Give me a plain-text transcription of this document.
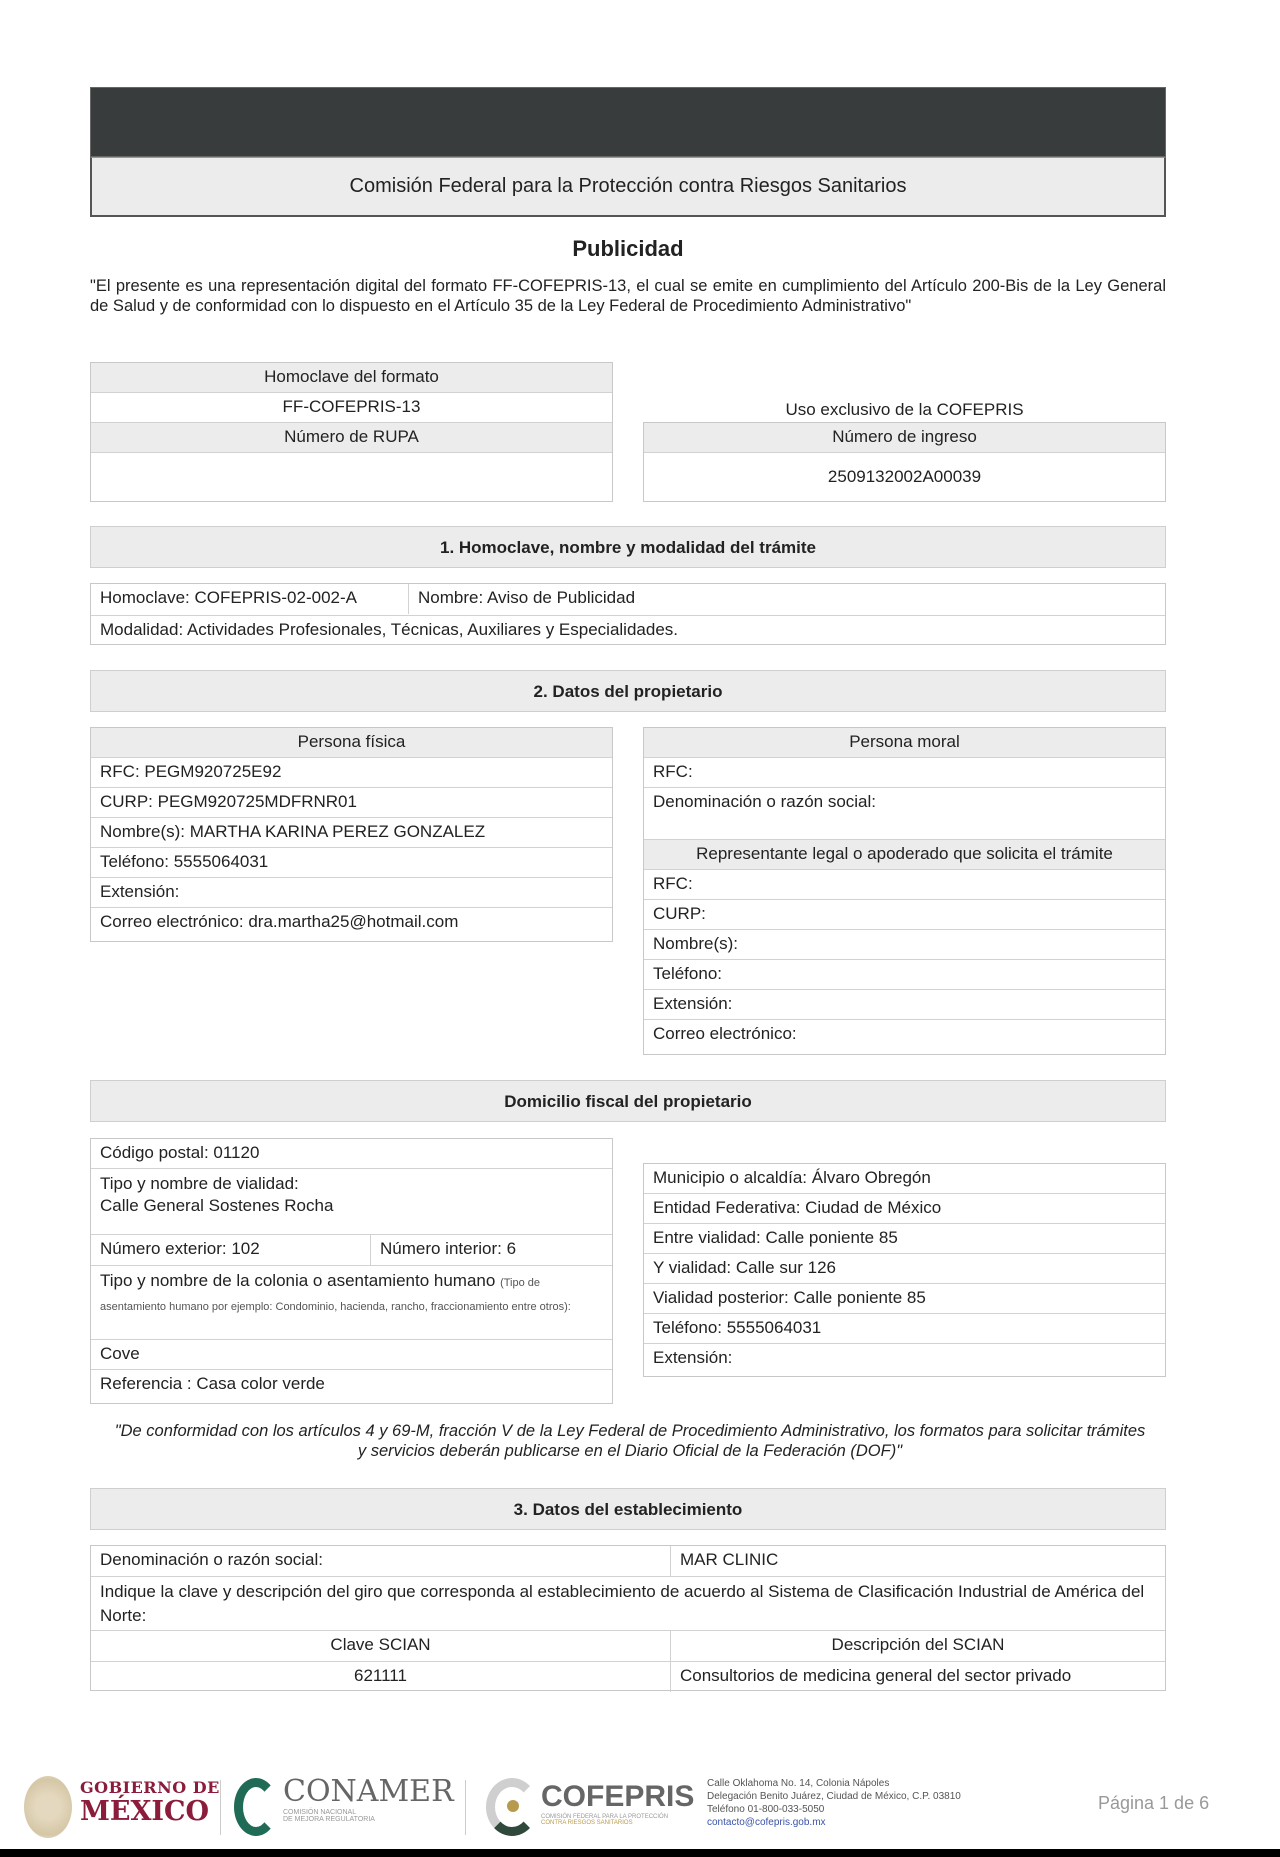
Comisión Federal para la Protección contra Riesgos Sanitarios
Publicidad
"El presente es una representación digital del formato FF-COFEPRIS-13, el cual se emite en cumplimiento del Artículo 200-Bis de la Ley General de Salud y de conformidad con lo dispuesto en el Artículo 35 de la Ley Federal de Procedimiento Administrativo"
Homoclave del formato
FF-COFEPRIS-13
Número de RUPA
Uso exclusivo de la COFEPRIS
Número de ingreso
2509132002A00039
1. Homoclave, nombre y modalidad del trámite
Homoclave: COFEPRIS-02-002-A	Nombre: Aviso de Publicidad
Modalidad: Actividades Profesionales, Técnicas, Auxiliares y Especialidades.
2. Datos del propietario
Persona física
RFC: PEGM920725E92
CURP: PEGM920725MDFRNR01
Nombre(s): MARTHA KARINA PEREZ GONZALEZ
Teléfono: 5555064031
Extensión:
Correo electrónico: dra.martha25@hotmail.com
Persona moral
RFC:
Denominación o razón social:
Representante legal o apoderado que solicita el trámite
RFC:
CURP:
Nombre(s):
Teléfono:
Extensión:
Correo electrónico:
Domicilio fiscal del propietario
Código postal: 01120
Tipo y nombre de vialidad:
Calle General Sostenes Rocha
Número exterior: 102	Número interior: 6
Tipo y nombre de la colonia o asentamiento humano (Tipo de asentamiento humano por ejemplo: Condominio, hacienda, rancho, fraccionamiento entre otros):
Cove
Referencia : Casa color verde
Municipio o alcaldía: Álvaro Obregón
Entidad Federativa: Ciudad de México
Entre vialidad: Calle poniente 85
Y vialidad: Calle sur 126
Vialidad posterior: Calle poniente 85
Teléfono: 5555064031
Extensión:
"De conformidad con los artículos 4 y 69-M, fracción V de la Ley Federal de Procedimiento Administrativo, los formatos para solicitar trámites y servicios deberán publicarse en el Diario Oficial de la Federación (DOF)"
3. Datos del establecimiento
Denominación o razón social:	MAR CLINIC
Indique la clave y descripción del giro que corresponda al establecimiento de acuerdo al Sistema de Clasificación Industrial de América del Norte:
Clave SCIAN	Descripción del SCIAN
621111	Consultorios de medicina general del sector privado
GOBIERNO DE
MÉXICO
CONAMER
COMISIÓN NACIONAL
DE MEJORA REGULATORIA
COFEPRIS
COMISIÓN FEDERAL PARA LA PROTECCIÓN
CONTRA RIESGOS SANITARIOS
Calle Oklahoma No. 14, Colonia Nápoles
Delegación Benito Juárez, Ciudad de México, C.P. 03810
Teléfono 01-800-033-5050
contacto@cofepris.gob.mx
Página 1 de 6
